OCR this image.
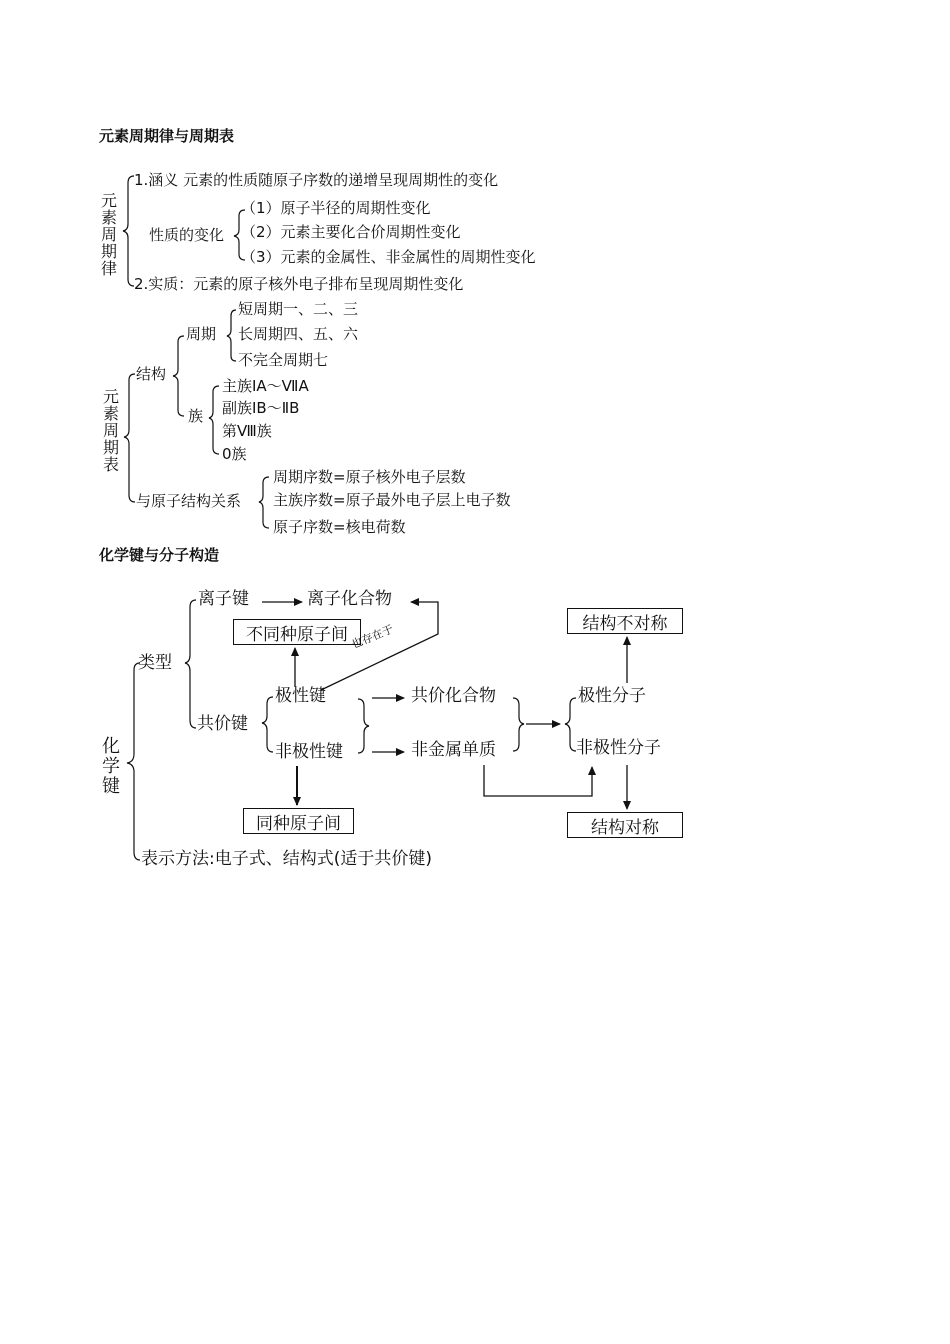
元素周期律与周期表
元素周期律
1.涵义 元素的性质随原子序数的递增呈现周期性的变化
性质的变化
（1）原子半径的周期性变化
（2）元素主要化合价周期性变化
（3）元素的金属性、非金属性的周期性变化
2.实质：元素的原子核外电子排布呈现周期性变化
元素周期表
结构
周期
短周期一、二、三
长周期四、五、六
不完全周期七
族
主族ⅠA～ⅦA
副族ⅠB～ⅡB
第Ⅷ族
0族
与原子结构关系
周期序数=原子核外电子层数
主族序数=原子最外电子层上电子数
原子序数=核电荷数
化学键与分子构造
化学键
类型
离子键	离子化合物
不同种原子间 也存在于
共价键
极性键
非极性键
共价化合物
非金属单质
同种原子间
极性分子
非极性分子
结构不对称
结构对称
表示方法:电子式、结构式(适于共价键)
